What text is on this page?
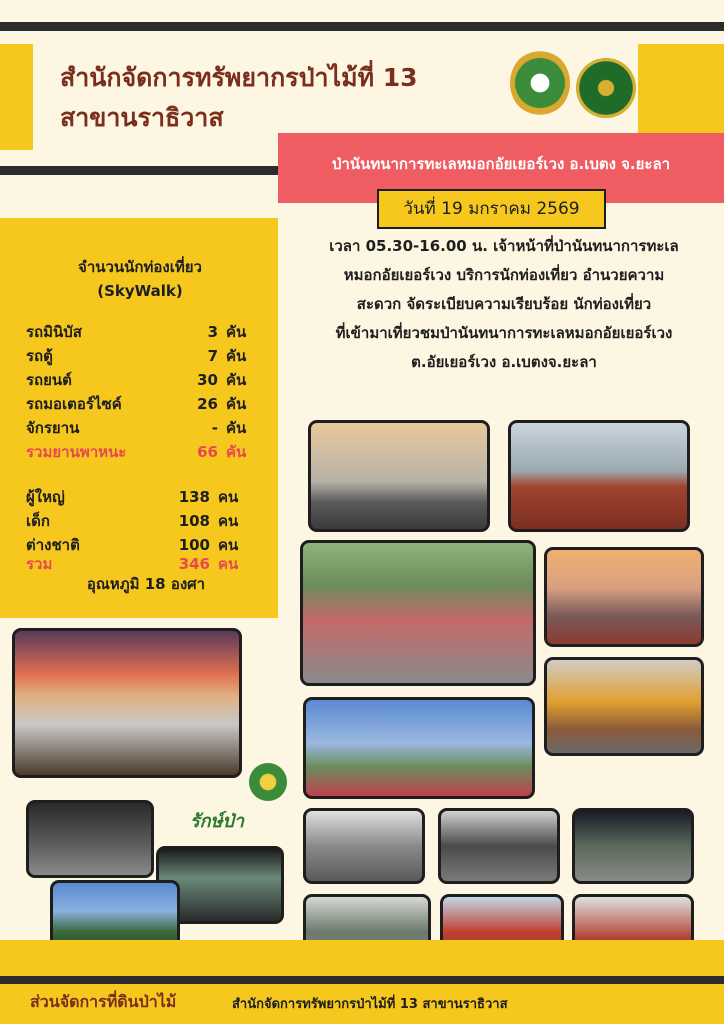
สำนักจัดการทรัพยากรป่าไม้ที่ 13
สาขานราธิวาส
ป่านันทนาการทะเลหมอกอัยเยอร์เวง อ.เบตง จ.ยะลา
วันที่ 19 มกราคม 2569
จำนวนนักท่องเที่ยว
(SkyWalk)
รถมินิบัส	3 คัน
รถตู้	7 คัน
รถยนต์	30 คัน
รถมอเตอร์ไซค์	26 คัน
จักรยาน	- คัน
รวมยานพาหนะ	66 คัน
ผู้ใหญ่	138 คน
เด็ก	108 คน
ต่างชาติ	100 คน
รวม	346 คน
อุณหภูมิ 18 องศา
เวลา 05.30-16.00 น. เจ้าหน้าที่ป่านันทนาการทะเล
หมอกอัยเยอร์เวง บริการนักท่องเที่ยว อำนวยความ
สะดวก จัดระเบียบความเรียบร้อย นักท่องเที่ยว
ที่เข้ามาเที่ยวชมป่านันทนาการทะเลหมอกอัยเยอร์เวง
ต.อัยเยอร์เวง อ.เบตงจ.ยะลา
รักษ์ป่า
ส่วนจัดการที่ดินป่าไม้	สำนักจัดการทรัพยากรป่าไม้ที่ 13 สาขานราธิวาส
